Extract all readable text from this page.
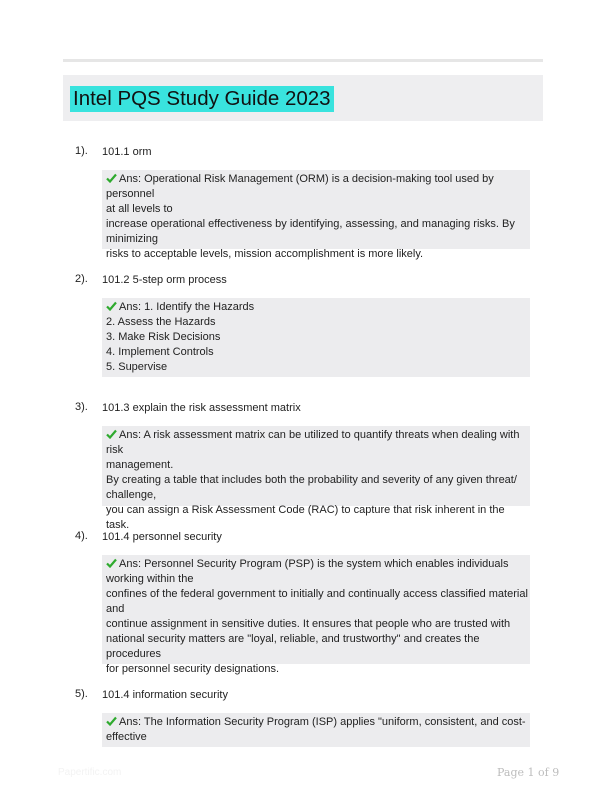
Intel PQS Study Guide 2023
1). 101.1 orm
Ans: Operational Risk Management (ORM) is a decision-making tool used by personnel
at all levels to
increase operational effectiveness by identifying, assessing, and managing risks. By
minimizing
risks to acceptable levels, mission accomplishment is more likely.
2). 101.2 5-step orm process
Ans: 1. Identify the Hazards
2. Assess the Hazards
3. Make Risk Decisions
4. Implement Controls
5. Supervise
3). 101.3 explain the risk assessment matrix
Ans: A risk assessment matrix can be utilized to quantify threats when dealing with risk
management.
By creating a table that includes both the probability and severity of any given threat/
challenge,
you can assign a Risk Assessment Code (RAC) to capture that risk inherent in the task.
4). 101.4 personnel security
Ans: Personnel Security Program (PSP) is the system which enables individuals
working within the
confines of the federal government to initially and continually access classified material
and
continue assignment in sensitive duties. It ensures that people who are trusted with
national security matters are "loyal, reliable, and trustworthy" and creates the procedures
for personnel security designations.
5). 101.4 information security
Ans: The Information Security Program (ISP) applies "uniform, consistent, and cost-
effective
Papertific.com	Page 1 of 9
